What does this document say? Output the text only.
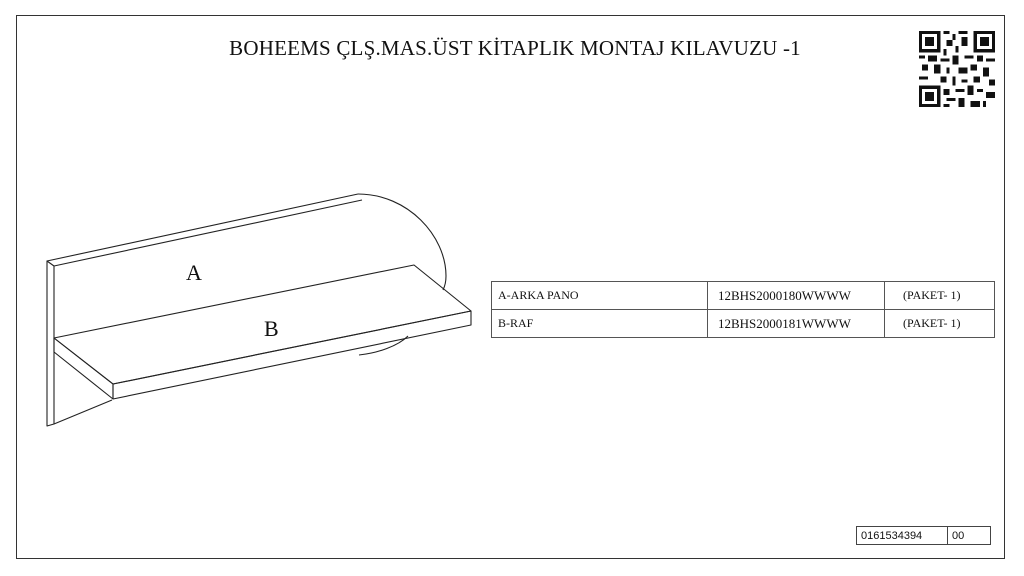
BOHEEMS ÇLŞ.MAS.ÜST KİTAPLIK MONTAJ KILAVUZU -1
A
B
A-ARKA PANO	12BHS2000180WWWW	(PAKET- 1)
B-RAF	12BHS2000181WWWW	(PAKET- 1)
0161534394	00
